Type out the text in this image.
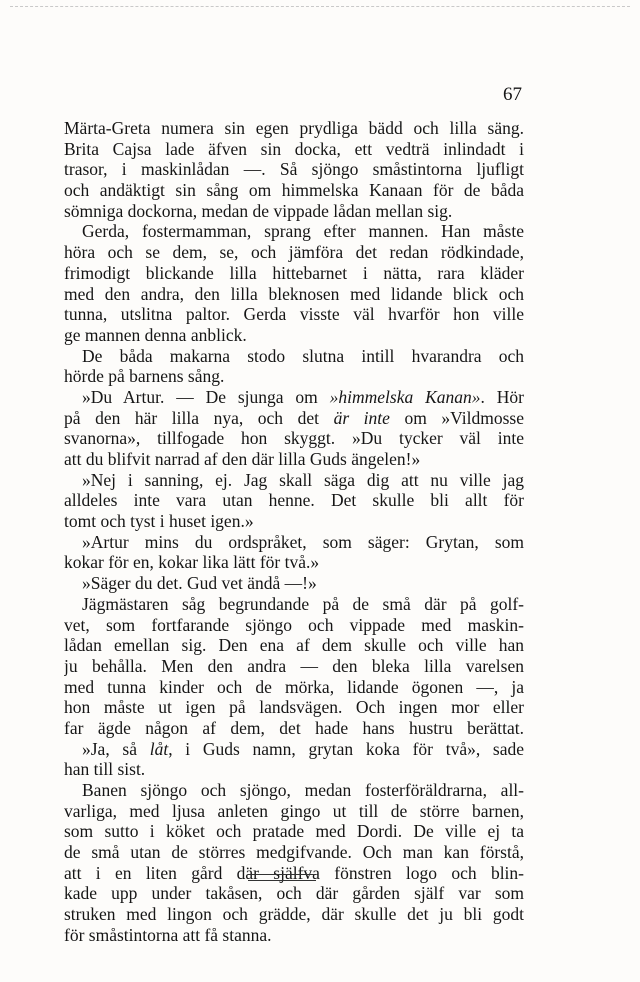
67
Märta-Greta numera sin egen prydliga bädd och lilla säng.
Brita Cajsa lade äfven sin docka, ett vedträ inlindadt i
trasor, i maskinlådan —. Så sjöngo småstintorna ljufligt
och andäktigt sin sång om himmelska Kanaan för de båda
sömniga dockorna, medan de vippade lådan mellan sig.
Gerda, fostermamman, sprang efter mannen. Han måste
höra och se dem, se, och jämföra det redan rödkindade,
frimodigt blickande lilla hittebarnet i nätta, rara kläder
med den andra, den lilla bleknosen med lidande blick och
tunna, utslitna paltor. Gerda visste väl hvarför hon ville
ge mannen denna anblick.
De båda makarna stodo slutna intill hvarandra och
hörde på barnens sång.
»Du Artur. — De sjunga om »himmelska Kanan». Hör
på den här lilla nya, och det är inte om »Vildmosse
svanorna», tillfogade hon skyggt. »Du tycker väl inte
att du blifvit narrad af den där lilla Guds ängelen!»
»Nej i sanning, ej. Jag skall säga dig att nu ville jag
alldeles inte vara utan henne. Det skulle bli allt för
tomt och tyst i huset igen.»
»Artur mins du ordspråket, som säger: Grytan, som
kokar för en, kokar lika lätt för två.»
»Säger du det. Gud vet ändå —!»
Jägmästaren såg begrundande på de små där på golf-
vet, som fortfarande sjöngo och vippade med maskin-
lådan emellan sig. Den ena af dem skulle och ville han
ju behålla. Men den andra — den bleka lilla varelsen
med tunna kinder och de mörka, lidande ögonen —, ja
hon måste ut igen på landsvägen. Och ingen mor eller
far ägde någon af dem, det hade hans hustru berättat.
»Ja, så låt, i Guds namn, grytan koka för två», sade
han till sist.
Banen sjöngo och sjöngo, medan fosterföräldrarna, all-
varliga, med ljusa anleten gingo ut till de större barnen,
som sutto i köket och pratade med Dordi. De ville ej ta
de små utan de störres medgifvande. Och man kan förstå,
att i en liten gård där själfva fönstren logo och blin-
kade upp under takåsen, och där gården själf var som
struken med lingon och grädde, där skulle det ju bli godt
för småstintorna att få stanna.
